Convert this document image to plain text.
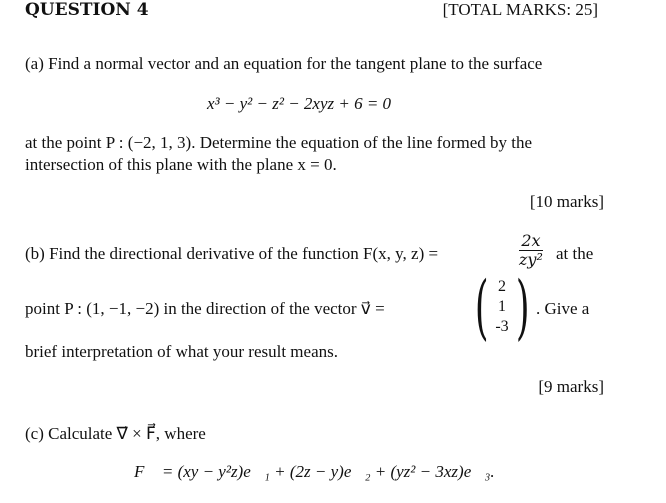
QUESTION 4	[TOTAL MARKS: 25]
(a) Find a normal vector and an equation for the tangent plane to the surface
x³ − y² − z² − 2xyz + 6 = 0
at the point P : (−2, 1, 3). Determine the equation of the line formed by the
intersection of this plane with the plane x = 0.
[10 marks]
(b) Find the directional derivative of the function F(x, y, z) =	$\frac{2x}{\text{zy²}}$ at the
point P : (1, −1, −2) in the direction of the vector v⃗ = ( 2
1
-3 ) . Give a
brief interpretation of what your result means.
[9 marks]
(c) Calculate ∇⃗ × F⃗, where
F⃗ = (xy − y²z)e⃗₁ + (2z − y)e⃗₂ + (yz² − 3xz)e⃗₃.
